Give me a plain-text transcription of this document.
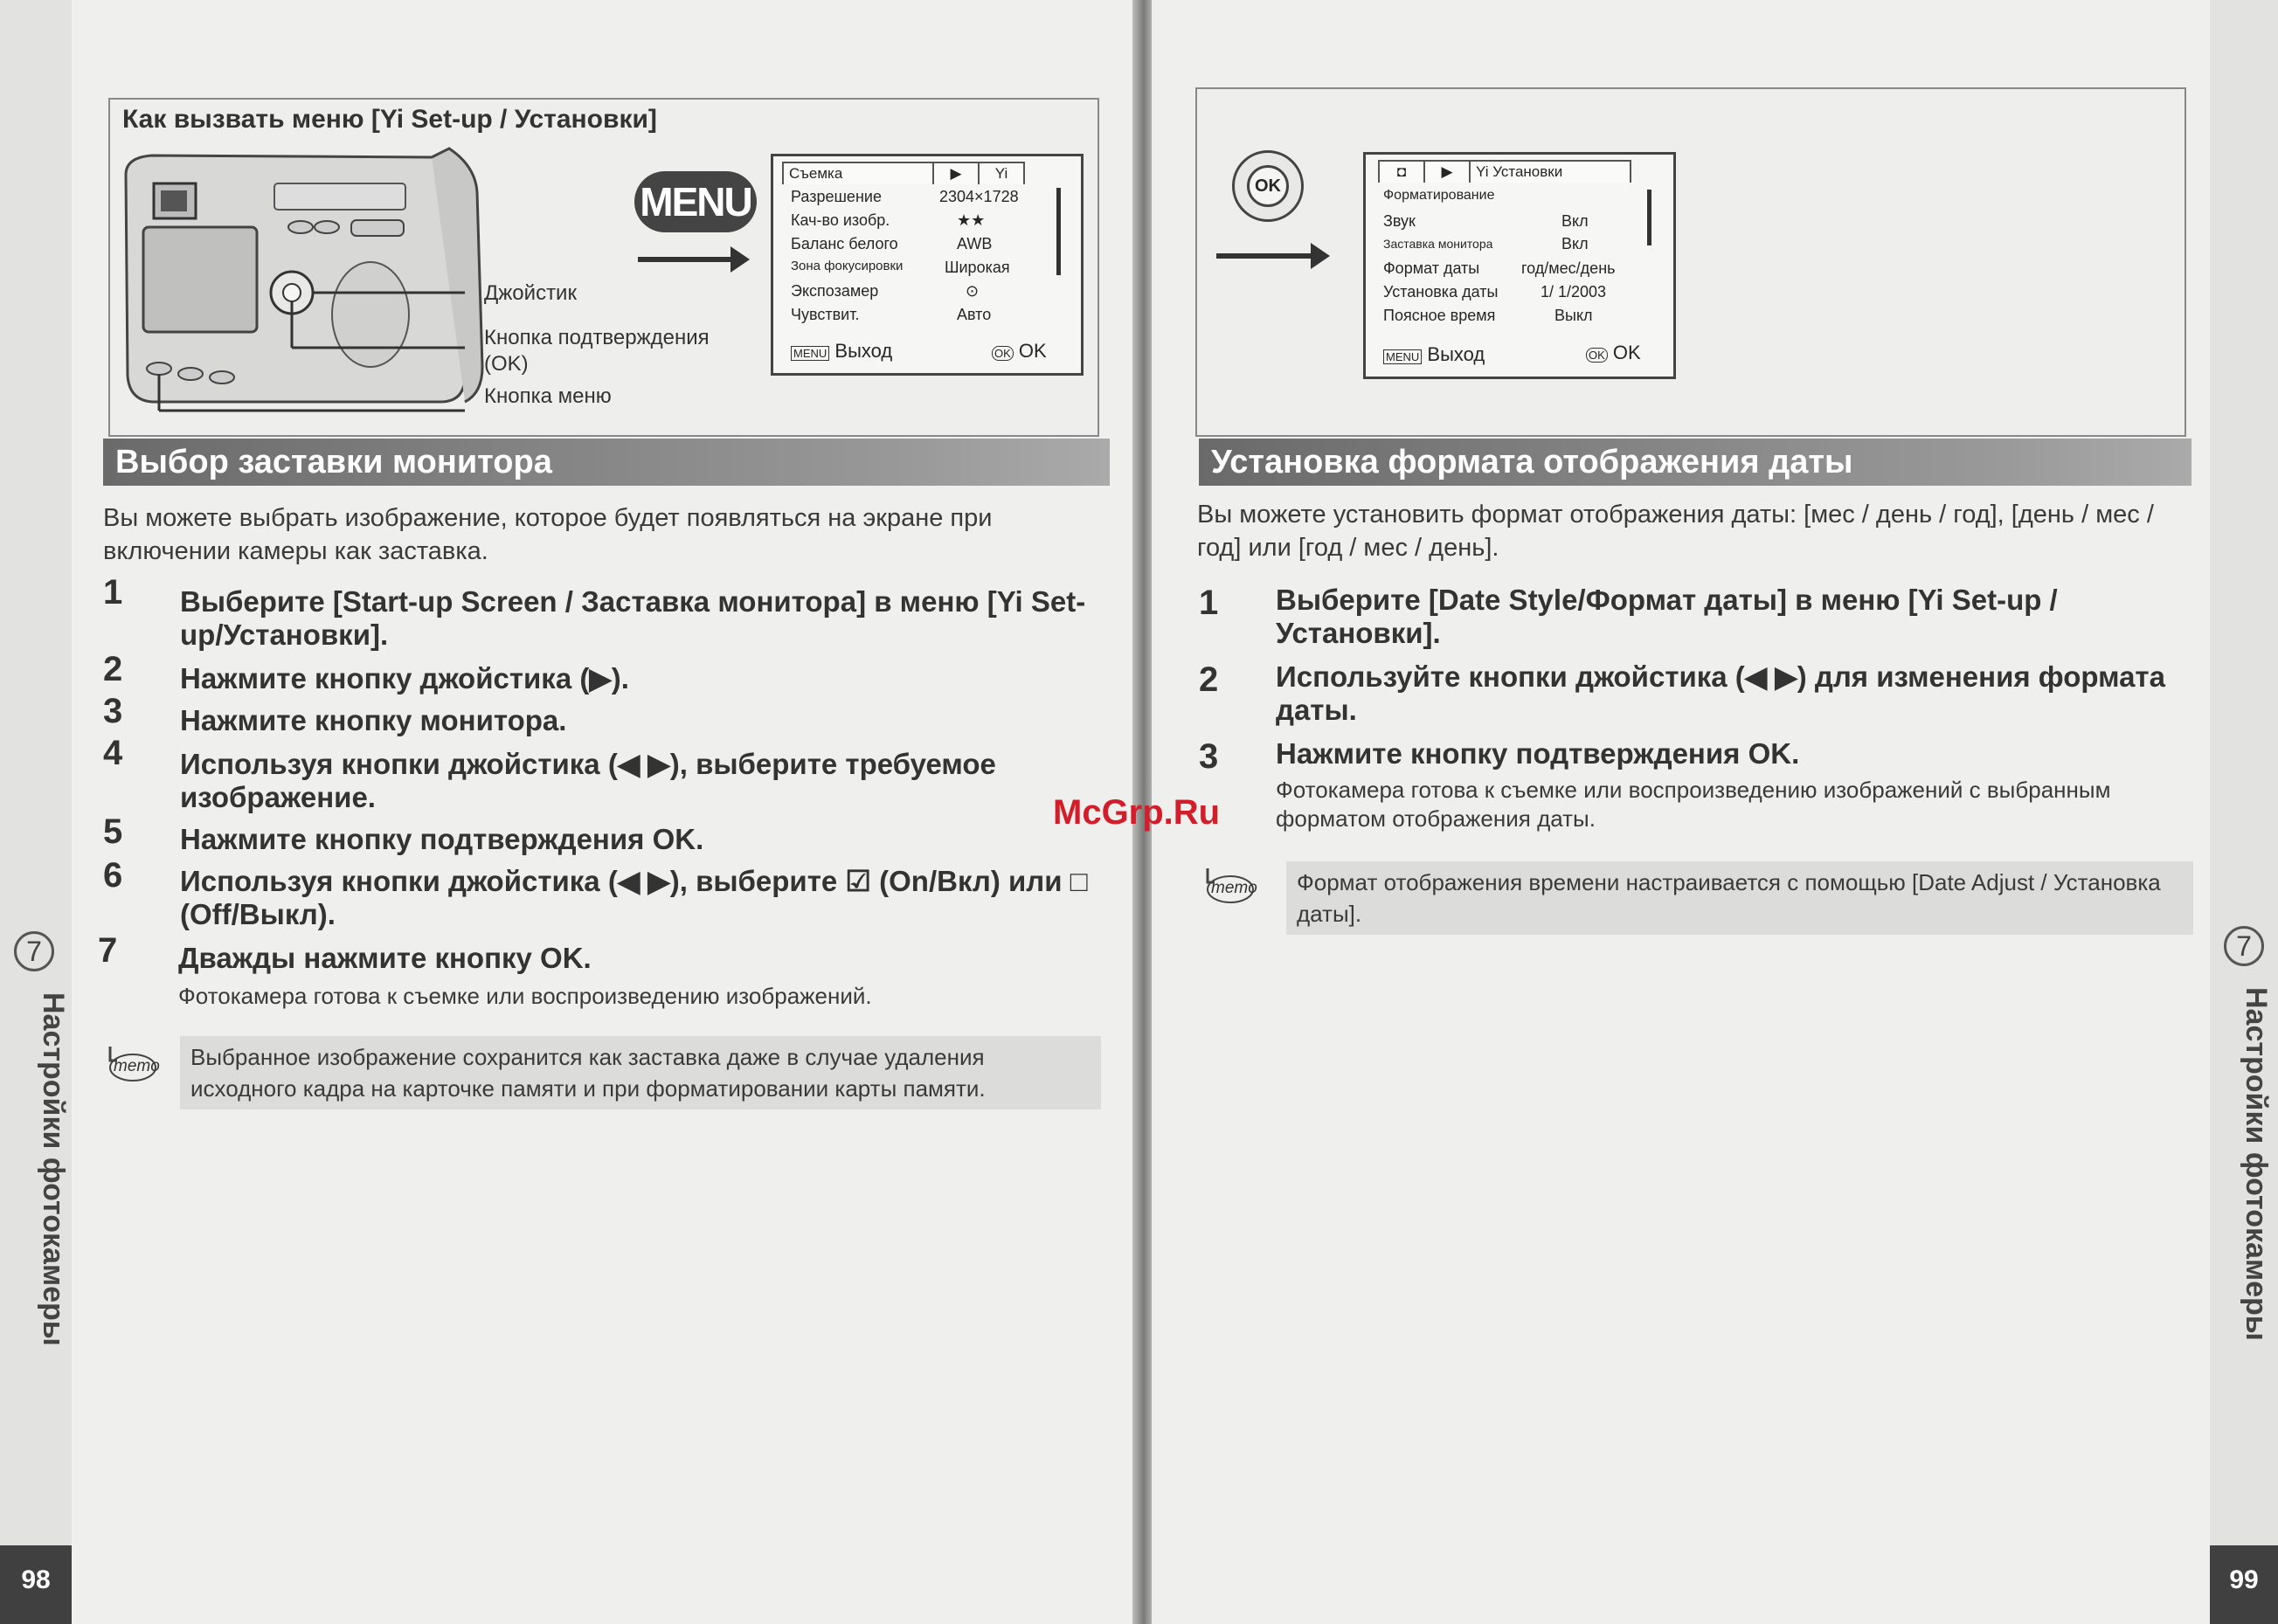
7
Настройки фотокамеры
98
Как вызвать меню [Yi Set-up / Установки]
Джойстик
Кнопка подтверждения (OK)
Кнопка меню
MENU
Съемка	▶	Yi
Разрешение	2304×1728
Кач-во изобр.	★★
Баланс белого	AWB
Зона фокусировки	Широкая
Экспозамер	⊙
Чувствит.	Авто
MENU Выход	OK OK
Выбор заставки монитора
Вы можете выбрать изображение, которое будет появляться на экране при включении камеры как заставка.
1 Выберите [Start-up Screen / Заставка монитора] в меню [Yi Set-up/Установки].
2 Нажмите кнопку джойстика (▶).
3 Нажмите кнопку монитора.
4 Используя кнопки джойстика (◀ ▶), выберите требуемое изображение.
5 Нажмите кнопку подтверждения OK.
6 Используя кнопки джойстика (◀ ▶), выберите ☑ (On/Вкл) или □ (Off/Выкл).
7 Дважды нажмите кнопку OK.
Фотокамера готова к съемке или воспроизведению изображений.
memo	Выбранное изображение сохранится как заставка даже в случае удаления исходного кадра на карточке памяти и при форматировании карты памяти.
7
Настройки фотокамеры
99
OK
◘	▶	Yi Установки
Форматирование
Звук	Вкл
Заставка монитора	Вкл
Формат даты	год/мес/день
Установка даты	1/ 1/2003
Поясное время	Выкл
MENU Выход	OK OK
Установка формата отображения даты
Вы можете установить формат отображения даты: [мес / день / год], [день / мес / год] или [год / мес / день].
1 Выберите [Date Style/Формат даты] в меню [Yi Set-up / Установки].
2 Используйте кнопки джойстика (◀ ▶) для изменения формата даты.
3 Нажмите кнопку подтверждения OK.
Фотокамера готова к съемке или воспроизведению изображений с выбранным форматом отображения даты.
memo	Формат отображения времени настраивается с помощью [Date Adjust / Установка даты].
McGrp.Ru
